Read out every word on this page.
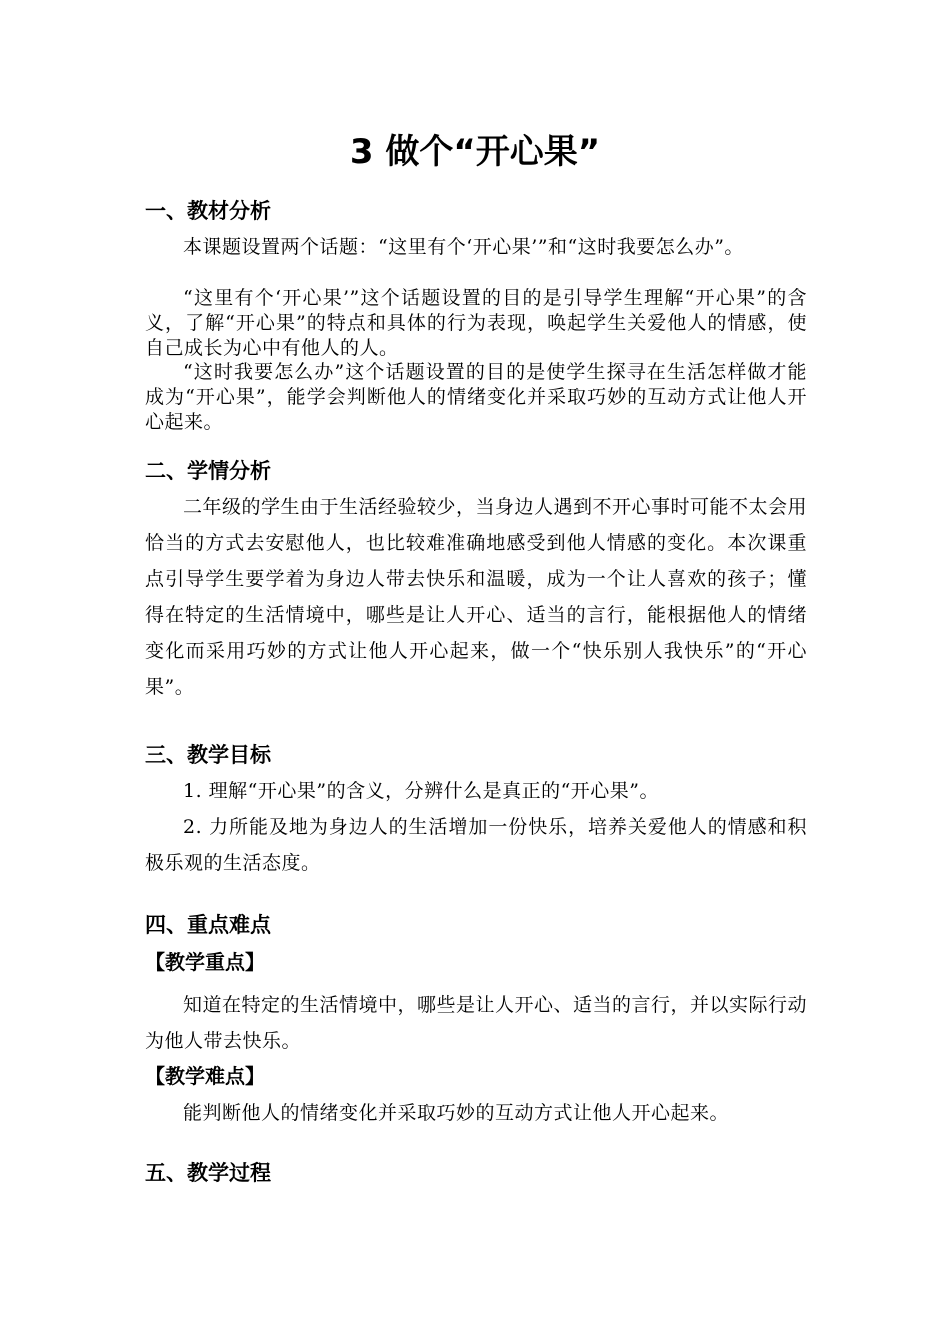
3 做个“开心果”
一、教材分析
本课题设置两个话题：“这里有个‘开心果’”和“这时我要怎么办”。
“这里有个‘开心果’”这个话题设置的目的是引导学生理解“开心果”的含义，了解“开心果”的特点和具体的行为表现，唤起学生关爱他人的情感，使自己成长为心中有他人的人。
“这时我要怎么办”这个话题设置的目的是使学生探寻在生活怎样做才能成为“开心果”，能学会判断他人的情绪变化并采取巧妙的互动方式让他人开心起来。
二、学情分析
二年级的学生由于生活经验较少，当身边人遇到不开心事时可能不太会用恰当的方式去安慰他人，也比较难准确地感受到他人情感的变化。本次课重点引导学生要学着为身边人带去快乐和温暖，成为一个让人喜欢的孩子；懂得在特定的生活情境中，哪些是让人开心、适当的言行，能根据他人的情绪变化而采用巧妙的方式让他人开心起来，做一个“快乐别人我快乐”的“开心果”。
三、教学目标
1. 理解“开心果”的含义，分辨什么是真正的“开心果”。
2. 力所能及地为身边人的生活增加一份快乐，培养关爱他人的情感和积极乐观的生活态度。
四、重点难点
【教学重点】
知道在特定的生活情境中，哪些是让人开心、适当的言行，并以实际行动为他人带去快乐。
【教学难点】
能判断他人的情绪变化并采取巧妙的互动方式让他人开心起来。
五、教学过程
